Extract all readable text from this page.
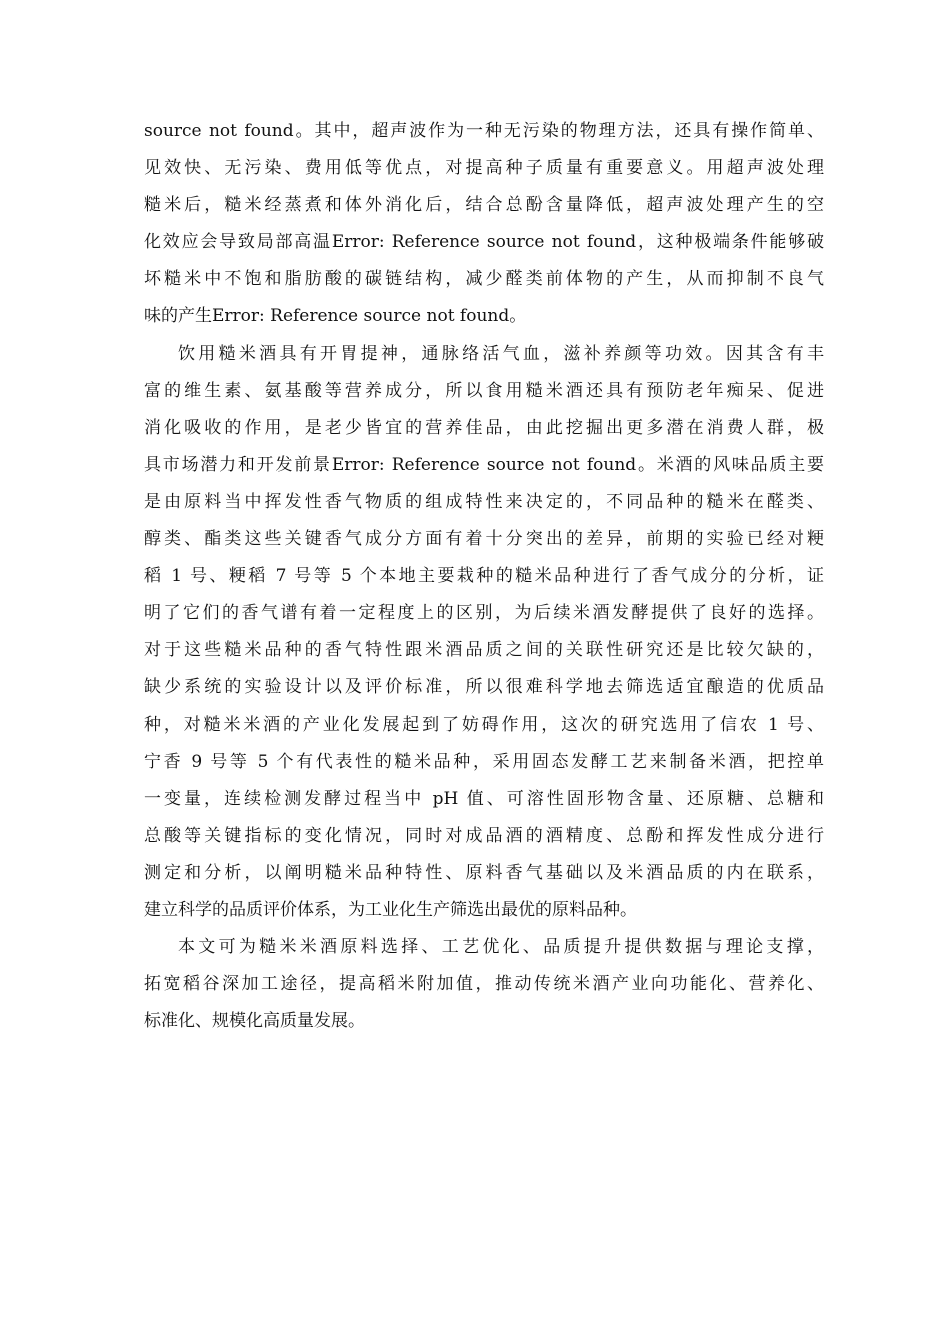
source not found。其中，超声波作为一种无污染的物理方法，还具有操作简单、
见效快、无污染、费用低等优点，对提高种子质量有重要意义。用超声波处理
糙米后，糙米经蒸煮和体外消化后，结合总酚含量降低，超声波处理产生的空
化效应会导致局部高温Error: Reference source not found，这种极端条件能够破
坏糙米中不饱和脂肪酸的碳链结构，减少醛类前体物的产生，从而抑制不良气
味的产生Error: Reference source not found。
饮用糙米酒具有开胃提神，通脉络活气血，滋补养颜等功效。因其含有丰
富的维生素、氨基酸等营养成分，所以食用糙米酒还具有预防老年痴呆、促进
消化吸收的作用，是老少皆宜的营养佳品，由此挖掘出更多潜在消费人群，极
具市场潜力和开发前景Error: Reference source not found。米酒的风味品质主要
是由原料当中挥发性香气物质的组成特性来决定的，不同品种的糙米在醛类、
醇类、酯类这些关键香气成分方面有着十分突出的差异，前期的实验已经对粳
稻 1 号、粳稻 7 号等 5 个本地主要栽种的糙米品种进行了香气成分的分析，证
明了它们的香气谱有着一定程度上的区别，为后续米酒发酵提供了良好的选择。
对于这些糙米品种的香气特性跟米酒品质之间的关联性研究还是比较欠缺的，
缺少系统的实验设计以及评价标准，所以很难科学地去筛选适宜酿造的优质品
种，对糙米米酒的产业化发展起到了妨碍作用，这次的研究选用了信农 1 号、
宁香 9 号等 5 个有代表性的糙米品种，采用固态发酵工艺来制备米酒，把控单
一变量，连续检测发酵过程当中 pH 值、可溶性固形物含量、还原糖、总糖和
总酸等关键指标的变化情况，同时对成品酒的酒精度、总酚和挥发性成分进行
测定和分析，以阐明糙米品种特性、原料香气基础以及米酒品质的内在联系，
建立科学的品质评价体系，为工业化生产筛选出最优的原料品种。
本文可为糙米米酒原料选择、工艺优化、品质提升提供数据与理论支撑，
拓宽稻谷深加工途径，提高稻米附加值，推动传统米酒产业向功能化、营养化、
标准化、规模化高质量发展。
